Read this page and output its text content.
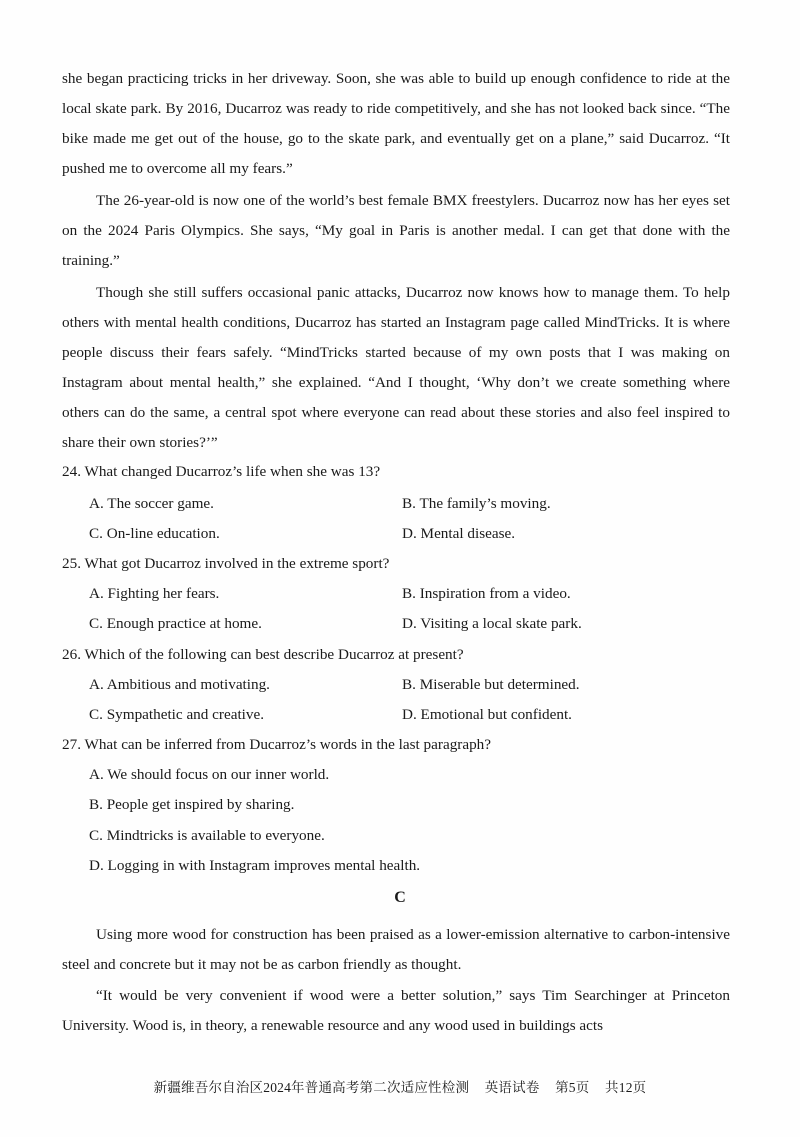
she began practicing tricks in her driveway. Soon, she was able to build up enough confidence to ride at the local skate park. By 2016, Ducarroz was ready to ride competitively, and she has not looked back since. “The bike made me get out of the house, go to the skate park, and eventually get on a plane,” said Ducarroz. “It pushed me to overcome all my fears.”
The 26-year-old is now one of the world’s best female BMX freestylers. Ducarroz now has her eyes set on the 2024 Paris Olympics. She says, “My goal in Paris is another medal. I can get that done with the training.”
Though she still suffers occasional panic attacks, Ducarroz now knows how to manage them. To help others with mental health conditions, Ducarroz has started an Instagram page called MindTricks. It is where people discuss their fears safely. “MindTricks started because of my own posts that I was making on Instagram about mental health,” she explained. “And I thought, ‘Why don’t we create something where others can do the same, a central spot where everyone can read about these stories and also feel inspired to share their own stories?’”
24. What changed Ducarroz’s life when she was 13?
A. The soccer game.	B. The family’s moving.
C. On-line education.	D. Mental disease.
25. What got Ducarroz involved in the extreme sport?
A. Fighting her fears.	B. Inspiration from a video.
C. Enough practice at home.	D. Visiting a local skate park.
26. Which of the following can best describe Ducarroz at present?
A. Ambitious and motivating.	B. Miserable but determined.
C. Sympathetic and creative.	D. Emotional but confident.
27. What can be inferred from Ducarroz’s words in the last paragraph?
A. We should focus on our inner world.
B. People get inspired by sharing.
C. Mindtricks is available to everyone.
D. Logging in with Instagram improves mental health.
C
Using more wood for construction has been praised as a lower-emission alternative to carbon-intensive steel and concrete but it may not be as carbon friendly as thought.
“It would be very convenient if wood were a better solution,” says Tim Searchinger at Princeton University. Wood is, in theory, a renewable resource and any wood used in buildings acts
新疆维吾尔自治区2024年普通高考第二次适应性检测 英语试卷 第5页 共12页
